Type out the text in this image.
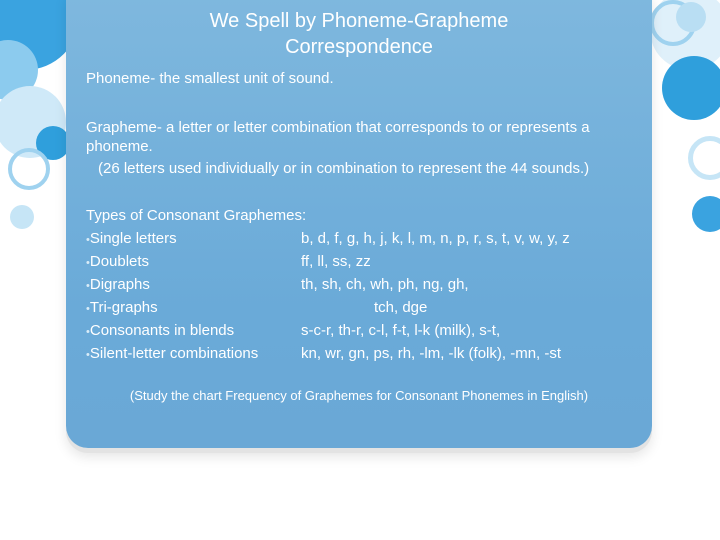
We Spell by Phoneme-Grapheme
Correspondence
Phoneme- the smallest unit of sound.
Grapheme- a letter or letter combination that corresponds to or represents a
phoneme.
(26 letters used individually or in combination to represent the 44 sounds.)
Types of Consonant Graphemes:
•Single letters
•Doublets
•Digraphs
•Tri-graphs
•Consonants in blends
•Silent-letter combinations
b, d, f, g, h, j, k, l, m, n, p, r, s, t, v, w, y, z
ff, ll, ss, zz
th, sh, ch, wh, ph, ng, gh,
tch, dge
s-c-r, th-r, c-l, f-t, l-k (milk), s-t,
kn, wr, gn, ps, rh, -lm, -lk (folk), -mn, -st
(Study the chart Frequency of Graphemes for Consonant Phonemes in English)
